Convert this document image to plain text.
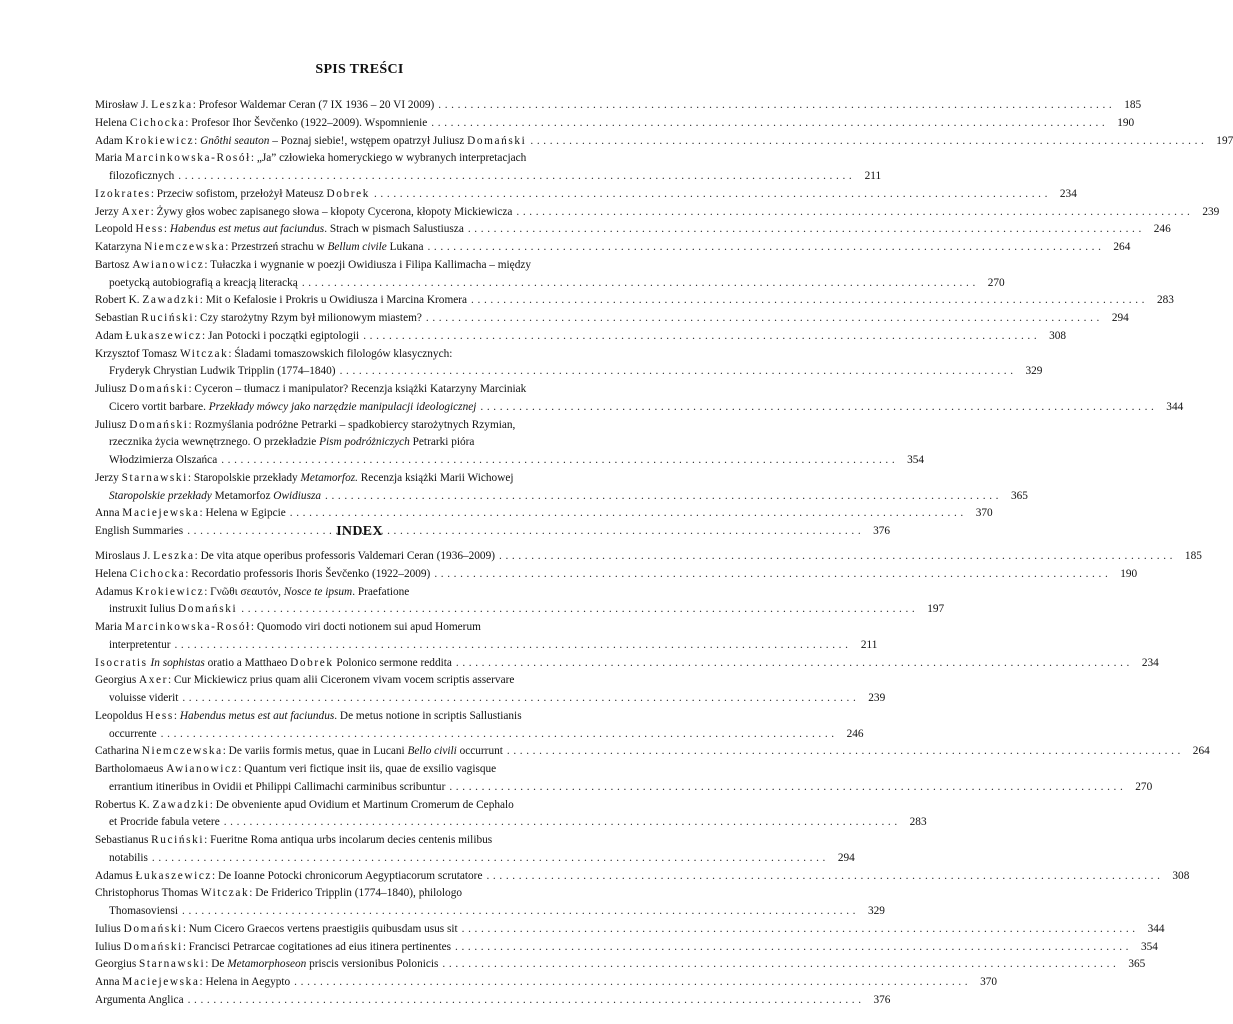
SPIS TREŚCI
Mirosław J. Leszka: Profesor Waldemar Ceran (7 IX 1936 – 20 VI 2009) . . .	185
Helena Cichocka: Profesor Ihor Ševčenko (1922–2009). Wspomnienie . . .	190
Adam Krokiewicz: Gnôthi seauton – Poznaj siebie!, wstępem opatrzył Juliusz Domański . . .	197
Maria Marcinkowska-Rosół: „Ja” człowieka homeryckiego w wybranych interpretacjach
filozoficznych . . .	211
Izokrates: Przeciw sofistom, przełożył Mateusz Dobrek . . .	234
Jerzy Axer: Żywy głos wobec zapisanego słowa – kłopoty Cycerona, kłopoty Mickiewicza . . .	239
Leopold Hess: Habendus est metus aut faciundus. Strach w pismach Salustiusza . . .	246
Katarzyna Niemczewska: Przestrzeń strachu w Bellum civile Lukana . . .	264
Bartosz Awianowicz: Tułaczka i wygnanie w poezji Owidiusza i Filipa Kallimacha – między
poetycką autobiografią a kreacją literacką . . .	270
Robert K. Zawadzki: Mit o Kefalosie i Prokris u Owidiusza i Marcina Kromera . . .	283
Sebastian Ruciński: Czy starożytny Rzym był milionowym miastem? . . .	294
Adam Łukaszewicz: Jan Potocki i początki egiptologii . . .	308
Krzysztof Tomasz Witczak: Śladami tomaszowskich filologów klasycznych:
Fryderyk Chrystian Ludwik Tripplin (1774–1840) . . .	329
Juliusz Domański: Cyceron – tłumacz i manipulator? Recenzja książki Katarzyny Marciniak
Cicero vortit barbare. Przekłady mówcy jako narzędzie manipulacji ideologicznej . . .	344
Juliusz Domański: Rozmyślania podróżne Petrarki – spadkobiercy starożytnych Rzymian,
rzecznika życia wewnętrznego. O przekładzie Pism podróżniczych Petrarki pióra
Włodzimierza Olszańca . . .	354
Jerzy Starnawski: Staropolskie przekłady Metamorfoz. Recenzja książki Marii Wichowej
Staropolskie przekłady Metamorfoz Owidiusza . . .	365
Anna Maciejewska: Helena w Egipcie . . .	370
English Summaries . . .	376
INDEX
Miroslaus J. Leszka: De vita atque operibus professoris Valdemari Ceran (1936–2009) . . .	185
Helena Cichocka: Recordatio professoris Ihoris Ševčenko (1922–2009) . . .	190
Adamus Krokiewicz: Γνῶθι σεαυτόν, Nosce te ipsum. Praefatione
instruxit Iulius Domański . . .	197
Maria Marcinkowska-Rosół: Quomodo viri docti notionem sui apud Homerum
interpretentur . . .	211
Isocratis In sophistas oratio a Matthaeo Dobrek Polonico sermone reddita . . .	234
Georgius Axer: Cur Mickiewicz prius quam alii Ciceronem vivam vocem scriptis asservare
voluisse viderit . . .	239
Leopoldus Hess: Habendus metus est aut faciundus. De metus notione in scriptis Sallustianis
occurrente . . .	246
Catharina Niemczewska: De variis formis metus, quae in Lucani Bello civili occurrunt . . .	264
Bartholomaeus Awianowicz: Quantum veri fictique insit iis, quae de exsilio vagisque
errantium itineribus in Ovidii et Philippi Callimachi carminibus scribuntur . . .	270
Robertus K. Zawadzki: De obveniente apud Ovidium et Martinum Cromerum de Cephalo
et Procride fabula vetere . . .	283
Sebastianus Ruciński: Fueritne Roma antiqua urbs incolarum decies centenis milibus
notabilis . . .	294
Adamus Łukaszewicz: De Ioanne Potocki chronicorum Aegyptiacorum scrutatore . . .	308
Christophorus Thomas Witczak: De Friderico Tripplin (1774–1840), philologo
Thomasoviensi . . .	329
Iulius Domański: Num Cicero Graecos vertens praestigiis quibusdam usus sit . . .	344
Iulius Domański: Francisci Petrarcae cogitationes ad eius itinera pertinentes . . .	354
Georgius Starnawski: De Metamorphoseon priscis versionibus Polonicis . . .	365
Anna Maciejewska: Helena in Aegypto . . .	370
Argumenta Anglica . . .	376
